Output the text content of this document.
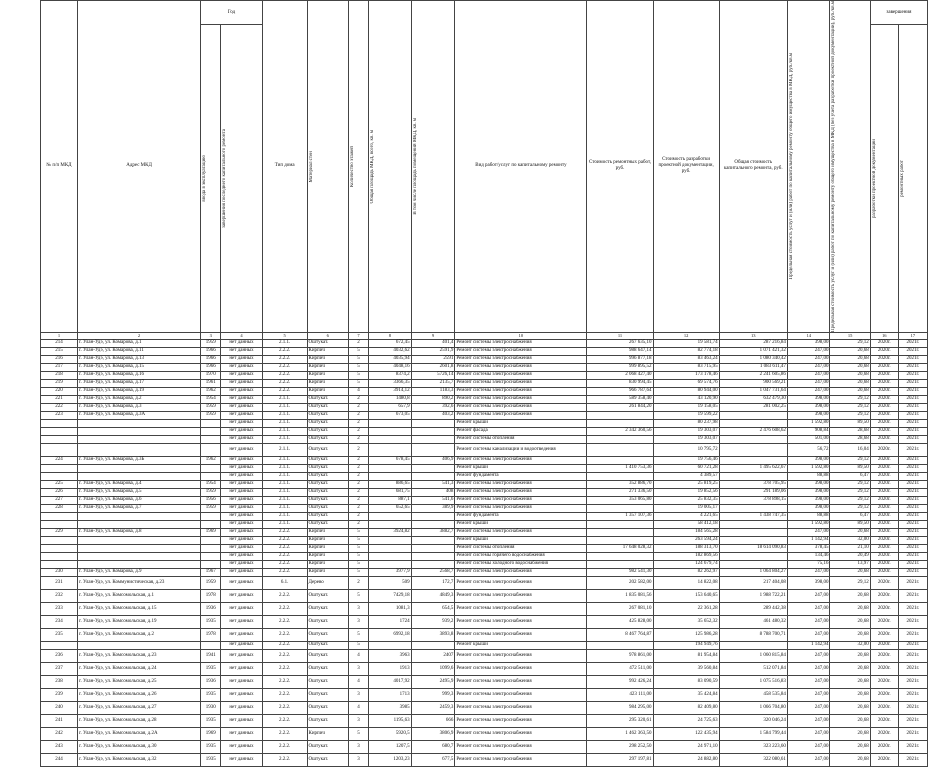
№ п/п МКД	Адрес МКД	Год		Тип дома	Материал стен	Количество этажей	Общая площадь МКД, всего, кв. м	В том числе площадь помещений МКД, кв. м	Вид работ/услуг по капитальному ремонту	Стоимость ремонтных работ, руб.	Стоимость разработки проектной документации, руб.	Общая стоимость капитального ремонта, руб.	Предельная стоимость услуг и (или) работ по капитальному ремонту общего имущества в МКД, руб./кв.м	Предельная стоимость услуг и (или) работ по капитальному ремонту общего имущества в МКД (без учета разработки проектной документации), руб./кв.м	завершения	

		ввода в эксплуатацию	завершения последнего капитального ремонта												разработки проектной документации	ремонтных работ

1	2	3	4	5	6	7	8	9	10	11	12	13	14	15	16	17
214	г. Улан-Удэ, ул. Комарова, д.1	1959	нет данных	2.1.1.	Оштукат.	2	672,45	401,4	Ремонт системы электроснабжения	267 635,10	19 581,74	287 216,84	398,00	29,12	2020г.	2021г.
215	г. Улан-Удэ, ул. Комарова, д.11	1966	нет данных	2.2.2.	Кирпич	5	4032,62	2591,9	Ремонт системы электроснабжения	988 647,14	82 774,18	1 071 421,32	247,00	20,68	2020г.	2021г.
216	г. Улан-Удэ, ул. Комарова, д.13	1966	нет данных	2.2.2.	Кирпич	5	4035,94	2591	Ремонт системы электроснабжения	996 877,18	83 463,24	1 080 340,42	247,00	20,68	2020г.	2021г.
217	г. Улан-Удэ, ул. Комарова, д.15	1966	нет данных	2.2.2.	Кирпич	5	4048,16	2601,8	Ремонт системы электроснабжения	999 895,52	83 715,95	1 083 611,47	247,00	20,68	2020г.	2021г.
218	г. Улан-Удэ, ул. Комарова, д.16	1970	нет данных	2.2.2.	Кирпич	5	8374,2	5726,14	Ремонт системы электроснабжения	2 068 427,40	173 178,46	2 241 605,86	247,00	20,68	2020г.	2021г.
219	г. Улан-Удэ, ул. Комарова, д.17	1961	нет данных	2.2.2.	Кирпич	5	3366,35	2135,7	Ремонт системы электроснабжения	830 994,45	69 574,76	900 569,21	247,00	20,68	2020г.	2021г.
220	г. Улан-Удэ, ул. Комарова, д.19	1962	нет данных	2.2.2.	Кирпич	4	3914,12	1183,3	Ремонт системы электроснабжения	966 787,64	80 944,00	1 047 731,64	247,00	20,68	2020г.	2021г.
221	г. Улан-Удэ, ул. Комарова, д.2	1954	нет данных	2.1.1.	Оштукат.	2	1480,8	890,2	Ремонт системы электроснабжения	589 358,40	43 120,90	632 479,30	398,00	29,12	2020г.	2021г.
222	г. Улан-Удэ, ул. Комарова, д.3	1959	нет данных	2.1.1.	Оштукат.	2	657,9	392,6	Ремонт системы электроснабжения	261 844,20	19 158,05	281 002,25	398,00	29,12	2020г.	2021г.
223	г. Улан-Удэ, ул. Комарова, д.3А	1959	нет данных	2.1.1.	Оштукат.	2	673,05	403,2	Ремонт системы электроснабжения		19 599,22		398,00	29,12	2020г.	2021г.
			нет данных	2.1.1.	Оштукат.	2			Ремонт крыши		80 237,98		1 592,80	89,50	2020г.	2021г.
			нет данных	2.1.1.	Оштукат.	2			Ремонт фасада	2 342 360,56	19 303,07	2 476 608,62	908,84	28,68	2020г.	2021г.
			нет данных	2.1.1.	Оштукат.	2			Ремонт системы отопления		19 303,07		501,00	28,68	2020г.	2021г.
			нет данных	2.1.1.	Оштукат.	2			Ремонт системы канализации и водоотведения		10 795,72		56,72	16,04	2020г.	2021г.
224	г. Улан-Удэ, ул. Комарова, д.3Б	1962	нет данных	2.1.1.	Оштукат.	2	678,45	406,9	Ремонт системы электроснабжения		19 756,46		398,00	29,12	2020г.	2021г.
			нет данных	2.1.1.	Оштукат.	2			Ремонт крыши	1 410 753,36	60 721,28	1 495 622,67	1 592,80	89,50	2020г.	2021г.
			нет данных	2.1.1.	Оштукат.	2			Ремонт фундамента		4 389,57		88,88	6,47	2020г.	2021г.
225	г. Улан-Удэ, ул. Комарова, д.4	1954	нет данных	2.1.1.	Оштукат.	2	886,65	541,3	Ремонт системы электроснабжения	352 886,70	25 819,25	378 705,95	398,00	29,12	2020г.	2021г.
226	г. Улан-Удэ, ул. Комарова, д.5	1959	нет данных	2.1.1.	Оштукат.	2	681,75	408	Ремонт системы электроснабжения	271 336,50	19 852,56	291 189,06	398,00	29,12	2020г.	2021г.
227	г. Улан-Удэ, ул. Комарова, д.6	1956	нет данных	2.1.1.	Оштукат.	2	887,1	541,6	Ремонт системы электроснабжения	353 065,80	25 832,35	378 898,15	398,00	29,12	2020г.	2021г.
228	г. Улан-Удэ, ул. Комарова, д.7	1959	нет данных	2.1.1.	Оштукат.	2	652,65	389,9	Ремонт системы электроснабжения		19 005,17		398,00	29,12	2020г.	2021г.
			нет данных	2.1.1.	Оштукат.	2			Ремонт фундамента	1 357 107,36	4 221,65	1 438 747,35	88,88	6,47	2020г.	2021г.
			нет данных	2.1.1.	Оштукат.	2			Ремонт крыши		58 412,18		1 592,80	89,50	2020г.	2021г.
229	г. Улан-Удэ, ул. Комарова, д.8	1969	нет данных	2.2.2.	Кирпич	5	3924,82	3882,7	Ремонт системы электроснабжения		184 565,28		247,00	20,68	2020г.	2021г.
			нет данных	2.2.2.	Кирпич	5			Ремонт крыши		263 594,24		1 142,94	32,00	2020г.	2021г.
			нет данных	2.2.2.	Кирпич	5			Ремонт системы отопления	17 648 028,32	188 313,70	18 614 090,83	378,45	21,10	2020г.	2021г.
			нет данных	2.2.2.	Кирпич	5			Ремонт системы горячего водоснабжения		182 869,56		134,46	20,49	2020г.	2021г.
			нет данных	2.2.2.	Кирпич	5			Ремонт системы холодного водоснабжения		124 679,74		75,16	13,97	2020г.	2021г.
230	г. Улан-Удэ, ул. Комарова, д.9	1967	нет данных	2.2.2.	Кирпич	5	3977,9	2568,7	Ремонт системы электроснабжения	982 541,30	82 262,97	1 064 804,27	247,00	20,68	2020г.	2021г.
231	г. Улан-Удэ, ул. Коммунистическая, д.23	1959	нет данных	6.1.	Дерево	2	509	172,7	Ремонт системы электроснабжения	202 582,00	14 822,08	217 404,08	398,00	29,12	2020г.	2021г.
232	г. Улан-Удэ, ул. Комсомольская, д.1	1978	нет данных	2.2.2.	Оштукат.	5	7429,18	4849,3	Ремонт системы электроснабжения	1 835 081,56	153 640,65	1 988 722,21	247,00	20,68	2020г.	2021г.
233	г. Улан-Удэ, ул. Комсомольская, д.15	1936	нет данных	2.2.2.	Оштукат.	3	1081,3	654,5	Ремонт системы электроснабжения	267 081,10	22 361,28	289 442,38	247,00	20,68	2020г.	2021г.
234	г. Улан-Удэ, ул. Комсомольская, д.19	1935	нет данных	2.2.2.	Оштукат.	3	1724	939,2	Ремонт системы электроснабжения	425 828,00	35 652,32	461 480,32	247,00	20,68	2020г.	2021г.
235	г. Улан-Удэ, ул. Комсомольская, д.2	1978	нет данных	2.2.2.	Оштукат.	5	6992,18	3893,8	Ремонт системы электроснабжения	8 467 764,87	125 986,28	8 788 700,71	247,00	20,68	2020г.	2021г.
			нет данных	2.2.2.	Оштукат.	5			Ремонт крыши		194 949,76		1 142,94	32,00	2020г.	2021г.
236	г. Улан-Удэ, ул. Комсомольская, д.23	1941	нет данных	2.2.2.	Оштукат.	4	3963	2407	Ремонт системы электроснабжения	978 861,00	81 954,84	1 060 815,84	247,00	20,68	2020г.	2021г.
237	г. Улан-Удэ, ул. Комсомольская, д.24	1935	нет данных	2.2.2.	Оштукат.	3	1913	1099,6	Ремонт системы электроснабжения	472 511,00	39 560,84	512 071,84	247,00	20,68	2020г.	2021г.
238	г. Улан-Удэ, ул. Комсомольская, д.25	1936	нет данных	2.2.2.	Оштукат.	4	4017,92	2495,9	Ремонт системы электроснабжения	992 426,24	83 090,59	1 075 516,83	247,00	20,68	2020г.	2021г.
239	г. Улан-Удэ, ул. Комсомольская, д.26	1935	нет данных	2.2.2.	Оштукат.	3	1713	999,3	Ремонт системы электроснабжения	423 111,00	35 424,84	458 535,84	247,00	20,68	2020г.	2021г.
240	г. Улан-Удэ, ул. Комсомольская, д.27	1930	нет данных	2.2.2.	Оштукат.	4	3985	2459,3	Ремонт системы электроснабжения	984 295,00	82 409,80	1 066 704,80	247,00	20,68	2020г.	2021г.
241	г. Улан-Удэ, ул. Комсомольская, д.28	1935	нет данных	2.2.2.	Оштукат.	3	1195,63	666	Ремонт системы электроснабжения	295 320,61	24 725,63	320 046,24	247,00	20,68	2020г.	2021г.
242	г. Улан-Удэ, ул. Комсомольская, д.2А	1969	нет данных	2.2.2.	Кирпич	5	5920,5	3806,9	Ремонт системы электроснабжения	1 462 363,50	122 435,94	1 584 799,44	247,00	20,68	2020г.	2021г.
243	г. Улан-Удэ, ул. Комсомольская, д.30	1935	нет данных	2.2.2.	Оштукат.	3	1207,5	680,7	Ремонт системы электроснабжения	298 252,50	24 971,10	323 223,60	247,00	20,68	2020г.	2021г.
244	г. Улан-Удэ, ул. Комсомольская, д.32	1935	нет данных	2.2.2.	Оштукат.	3	1203,23	677,5	Ремонт системы электроснабжения	297 197,81	24 882,80	322 080,61	247,00	20,68	2020г.	2021г.
